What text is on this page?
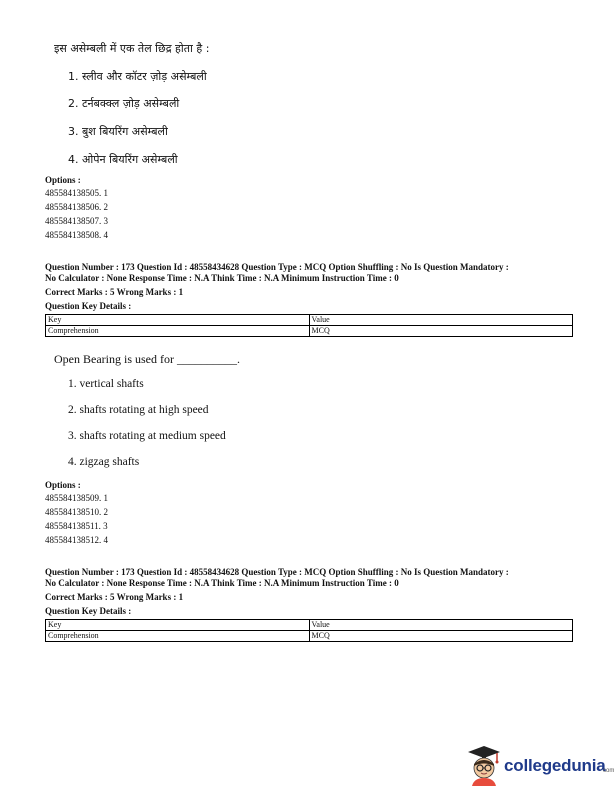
इस असेम्बली में एक तेल छिद्र होता है :
1. स्लीव और कॉटर ज़ोड़ असेम्बली
2. टर्नबक्क्ल ज़ोड़ असेम्बली
3. बुश बियरिंग असेम्बली
4. ओपेन बियरिंग असेम्बली
Options :
485584138505. 1
485584138506. 2
485584138507. 3
485584138508. 4
Question Number : 173 Question Id : 48558434628 Question Type : MCQ Option Shuffling : No Is Question Mandatory :
No Calculator : None Response Time : N.A Think Time : N.A Minimum Instruction Time : 0
Correct Marks : 5 Wrong Marks : 1
Question Key Details :
Key	Value
Comprehension	MCQ
Open Bearing is used for __________.
1. vertical shafts
2. shafts rotating at high speed
3. shafts rotating at medium speed
4. zigzag shafts
Options :
485584138509. 1
485584138510. 2
485584138511. 3
485584138512. 4
Question Number : 173 Question Id : 48558434628 Question Type : MCQ Option Shuffling : No Is Question Mandatory :
No Calculator : None Response Time : N.A Think Time : N.A Minimum Instruction Time : 0
Correct Marks : 5 Wrong Marks : 1
Question Key Details :
Key	Value
Comprehension	MCQ
collegedunia
com
